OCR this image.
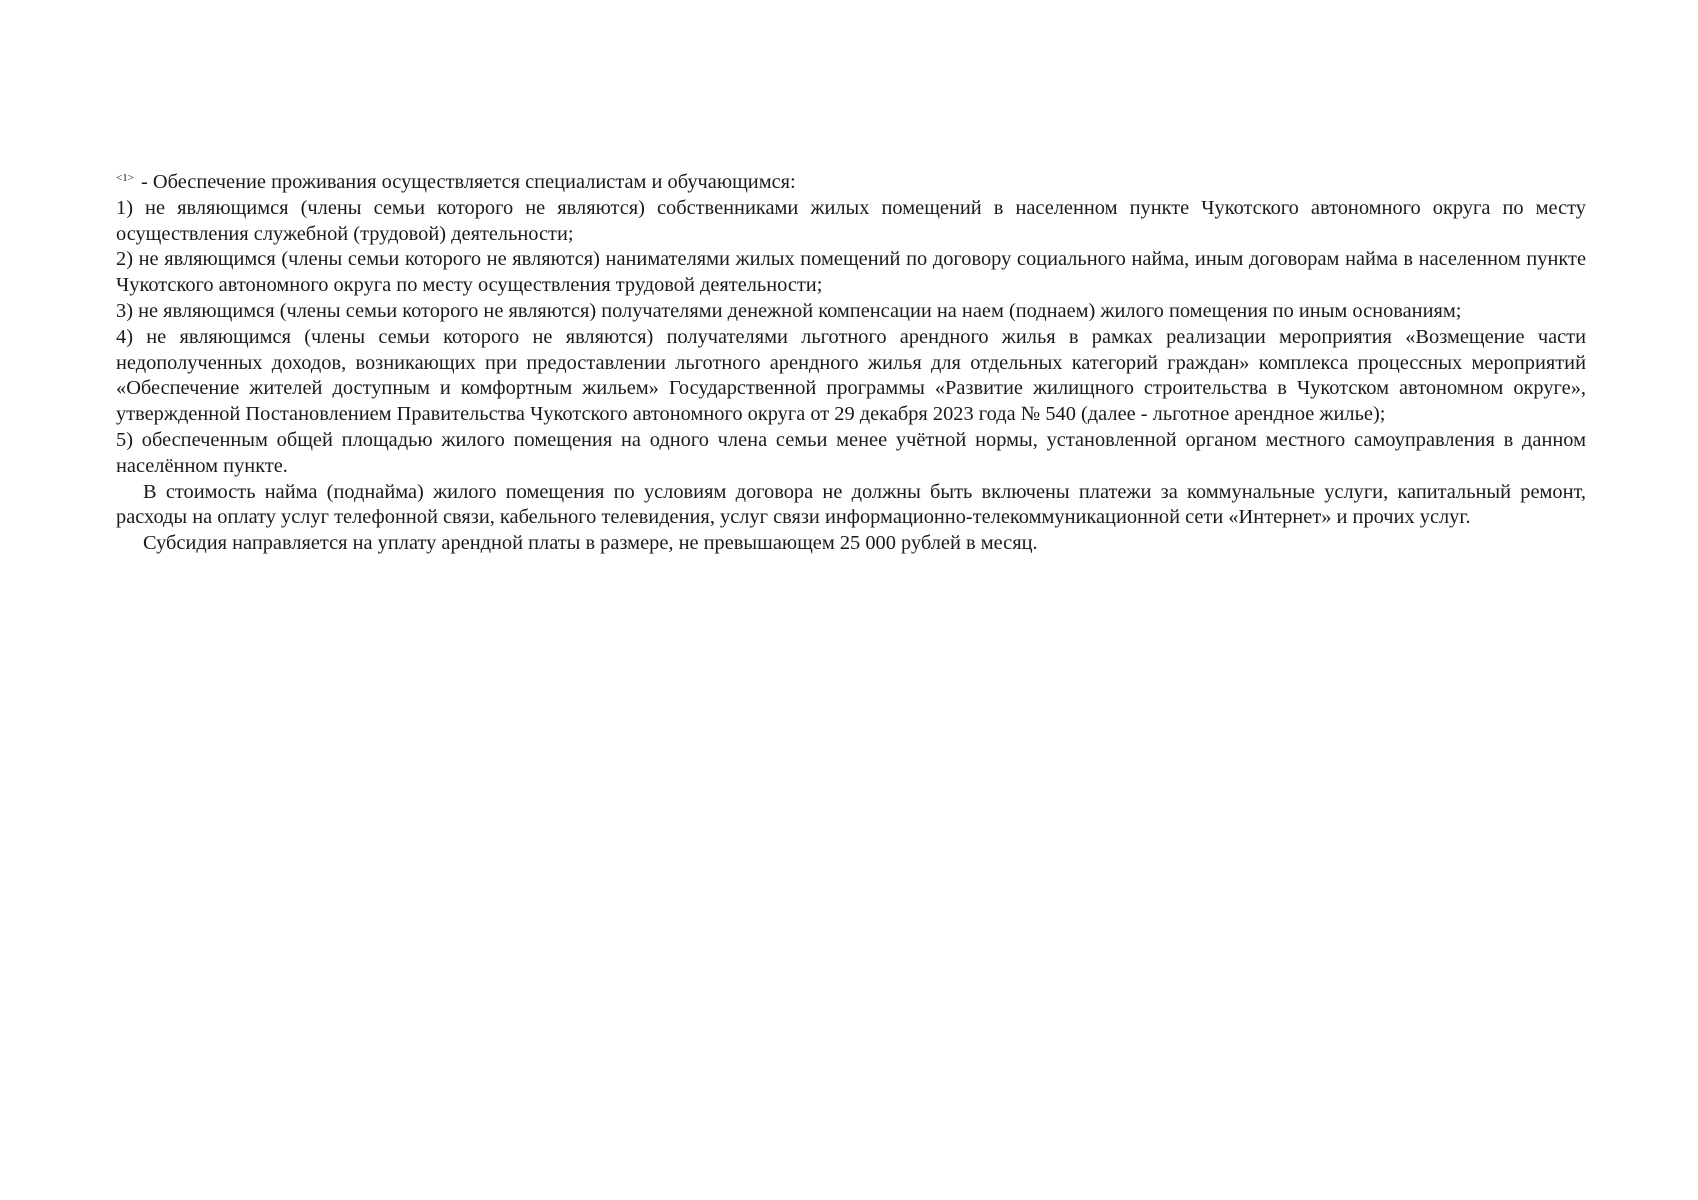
$^{<1>}$ - Обеспечение проживания осуществляется специалистам и обучающимся:

1) не являющимся (члены семьи которого не являются) собственниками жилых помещений в населенном пункте Чукотского автономного округа по месту осуществления служебной (трудовой) деятельности;

2) не являющимся (члены семьи которого не являются) нанимателями жилых помещений по договору социального найма, иным договорам найма в населенном пункте Чукотского автономного округа по месту осуществления трудовой деятельности;

3) не являющимся (члены семьи которого не являются) получателями денежной компенсации на наем (поднаем) жилого помещения по иным основаниям;

4) не являющимся (члены семьи которого не являются) получателями льготного арендного жилья в рамках реализации мероприятия «Возмещение части недополученных доходов, возникающих при предоставлении льготного арендного жилья для отдельных категорий граждан» комплекса процессных мероприятий «Обеспечение жителей доступным и комфортным жильем» Государственной программы «Развитие жилищного строительства в Чукотском автономном округе», утвержденной Постановлением Правительства Чукотского автономного округа от 29 декабря 2023 года № 540 (далее - льготное арендное жилье);

5) обеспеченным общей площадью жилого помещения на одного члена семьи менее учётной нормы, установленной органом местного самоуправления в данном населённом пункте.

В стоимость найма (поднайма) жилого помещения по условиям договора не должны быть включены платежи за коммунальные услуги, капитальный ремонт, расходы на оплату услуг телефонной связи, кабельного телевидения, услуг связи информационно-телекоммуникационной сети «Интернет» и прочих услуг.

Субсидия направляется на уплату арендной платы в размере, не превышающем 25 000 рублей в месяц.
